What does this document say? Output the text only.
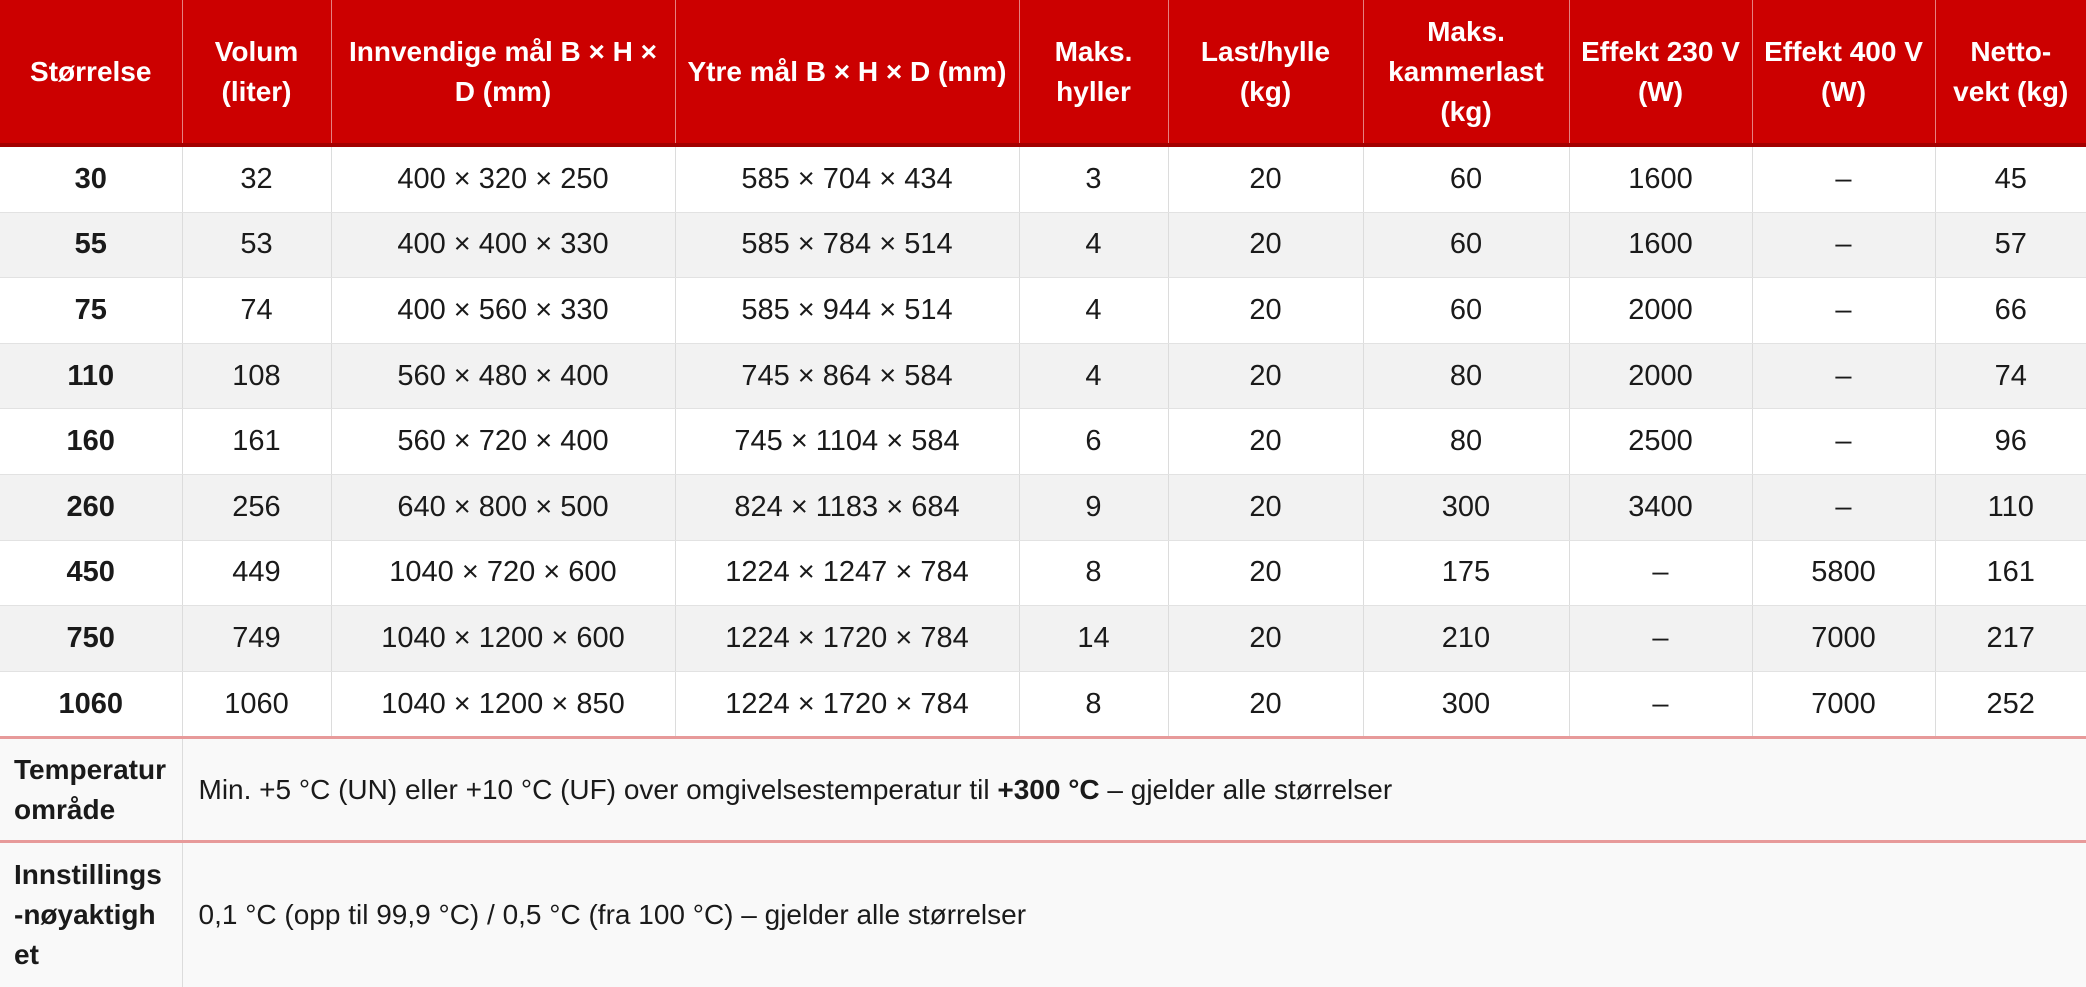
Størrelse	Volum (liter)	Innvendige mål B × H × D (mm)	Ytre mål B × H × D (mm)	Maks. hyller	Last/hylle (kg)	Maks. kammerlast (kg)	Effekt 230 V (W)	Effekt 400 V (W)	Netto-vekt (kg)
30	32	400 × 320 × 250	585 × 704 × 434	3	20	60	1600	–	45
55	53	400 × 400 × 330	585 × 784 × 514	4	20	60	1600	–	57
75	74	400 × 560 × 330	585 × 944 × 514	4	20	60	2000	–	66
110	108	560 × 480 × 400	745 × 864 × 584	4	20	80	2000	–	74
160	161	560 × 720 × 400	745 × 1104 × 584	6	20	80	2500	–	96
260	256	640 × 800 × 500	824 × 1183 × 684	9	20	300	3400	–	110
450	449	1040 × 720 × 600	1224 × 1247 × 784	8	20	175	–	5800	161
750	749	1040 × 1200 × 600	1224 × 1720 × 784	14	20	210	–	7000	217
1060	1060	1040 × 1200 × 850	1224 × 1720 × 784	8	20	300	–	7000	252
Temperaturområde	Min. +5 °C (UN) eller +10 °C (UF) over omgivelsestemperatur til +300 °C – gjelder alle størrelser								
Innstillings-nøyaktighet	0,1 °C (opp til 99,9 °C) / 0,5 °C (fra 100 °C) – gjelder alle størrelser								
